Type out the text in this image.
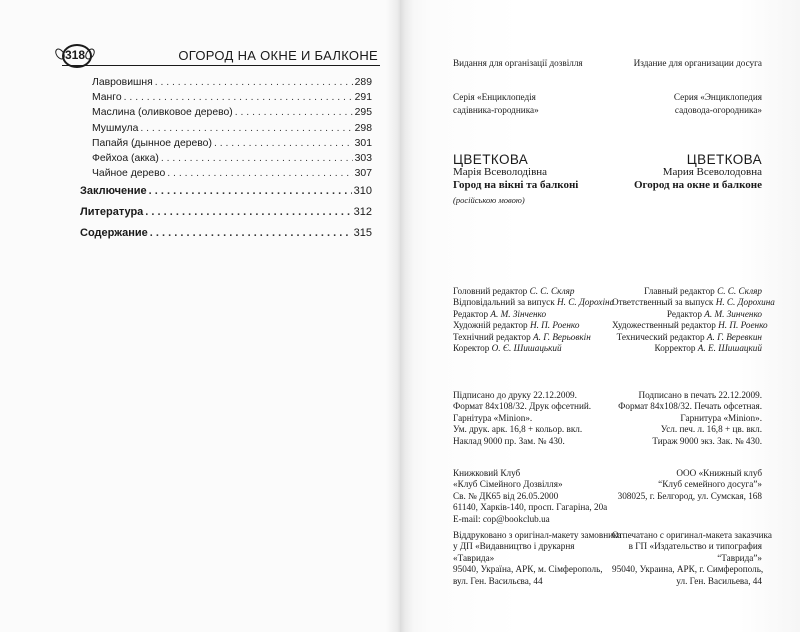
318	ОГОРОД НА ОКНЕ И БАЛКОНЕ
Лавровишня . . .	289
Манго . . .	291
Маслина (оливковое дерево) . . .	295
Мушмула . . .	298
Папайя (дынное дерево) . . .	301
Фейхоа (акка) . . .	303
Чайное дерево . . .	307
Заключение . . .	310
Литература . . .	312
Содержание . . .	315
Видання для організації дозвілля
Серія «Енциклопедія
садівника-городника»
ЦВЕТКОВА
Марія Всеволодівна
Город на вікні та балконі
(російською мовою)
Головний редактор С. С. Скляр
Відповідальний за випуск Н. С. Дорохіна
Редактор А. М. Зінченко
Художній редактор Н. П. Роенко
Технічний редактор А. Г. Верьовкін
Коректор О. Є. Шишацький
Підписано до друку 22.12.2009.
Формат 84x108/32. Друк офсетний.
Гарнітура «Minion».
Ум. друк. арк. 16,8 + кольор. вкл.
Наклад 9000 пр. Зам. № 430.
Книжковий Клуб
«Клуб Сімейного Дозвілля»
Св. № ДК65 від 26.05.2000
61140, Харків-140, просп. Гагаріна, 20а
E-mail: cop@bookclub.ua
Віддруковано з оригінал-макету замовника
у ДП «Видавництво і друкарня
«Таврида»
95040, Україна, АРК, м. Сімферополь,
вул. Ген. Васильєва, 44
Издание для организации досуга
Серия «Энциклопедия
садовода-огородника»
ЦВЕТКОВА
Мария Всеволодовна
Огород на окне и балконе
Главный редактор С. С. Скляр
Ответственный за выпуск Н. С. Дорохина
Редактор А. М. Зинченко
Художественный редактор Н. П. Роенко
Технический редактор А. Г. Веревкин
Корректор А. Е. Шишацкий
Подписано в печать 22.12.2009.
Формат 84x108/32. Печать офсетная.
Гарнитура «Minion».
Усл. печ. л. 16,8 + цв. вкл.
Тираж 9000 экз. Зак. № 430.
ООО «Книжный клуб
“Клуб семейного досуга”»
308025, г. Белгород, ул. Сумская, 168
Отпечатано с оригинал-макета заказчика
в ГП «Издательство и типография
“Таврида”»
95040, Украина, АРК, г. Симферополь,
ул. Ген. Васильева, 44
